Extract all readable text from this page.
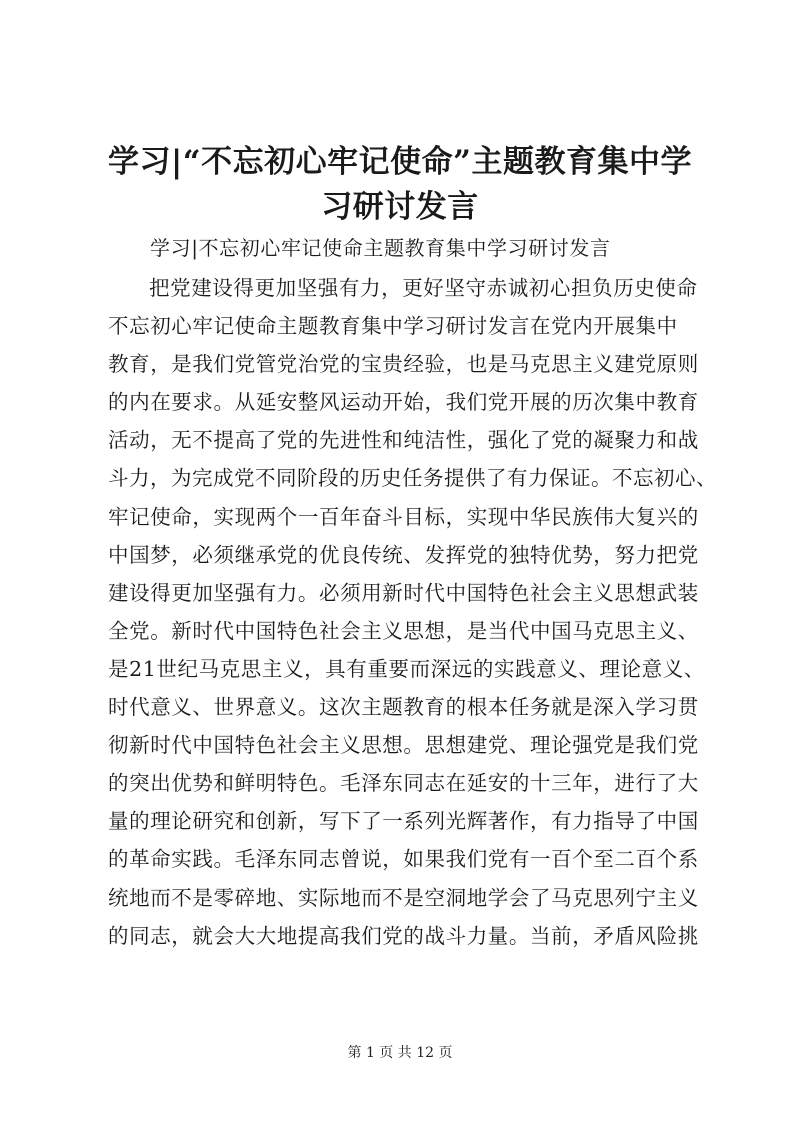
学习|“不忘初心牢记使命”主题教育集中学
习研讨发言

学习|不忘初心牢记使命主题教育集中学习研讨发言

把党建设得更加坚强有力，更好坚守赤诚初心担负历史使命
不忘初心牢记使命主题教育集中学习研讨发言在党内开展集中
教育，是我们党管党治党的宝贵经验，也是马克思主义建党原则
的内在要求。从延安整风运动开始，我们党开展的历次集中教育
活动，无不提高了党的先进性和纯洁性，强化了党的凝聚力和战
斗力，为完成党不同阶段的历史任务提供了有力保证。不忘初心、
牢记使命，实现两个一百年奋斗目标，实现中华民族伟大复兴的
中国梦，必须继承党的优良传统、发挥党的独特优势，努力把党
建设得更加坚强有力。必须用新时代中国特色社会主义思想武装
全党。新时代中国特色社会主义思想，是当代中国马克思主义、
是21世纪马克思主义，具有重要而深远的实践意义、理论意义、
时代意义、世界意义。这次主题教育的根本任务就是深入学习贯
彻新时代中国特色社会主义思想。思想建党、理论强党是我们党
的突出优势和鲜明特色。毛泽东同志在延安的十三年，进行了大
量的理论研究和创新，写下了一系列光辉著作，有力指导了中国
的革命实践。毛泽东同志曾说，如果我们党有一百个至二百个系
统地而不是零碎地、实际地而不是空洞地学会了马克思列宁主义
的同志，就会大大地提高我们党的战斗力量。当前，矛盾风险挑
第 1 页 共 12 页
